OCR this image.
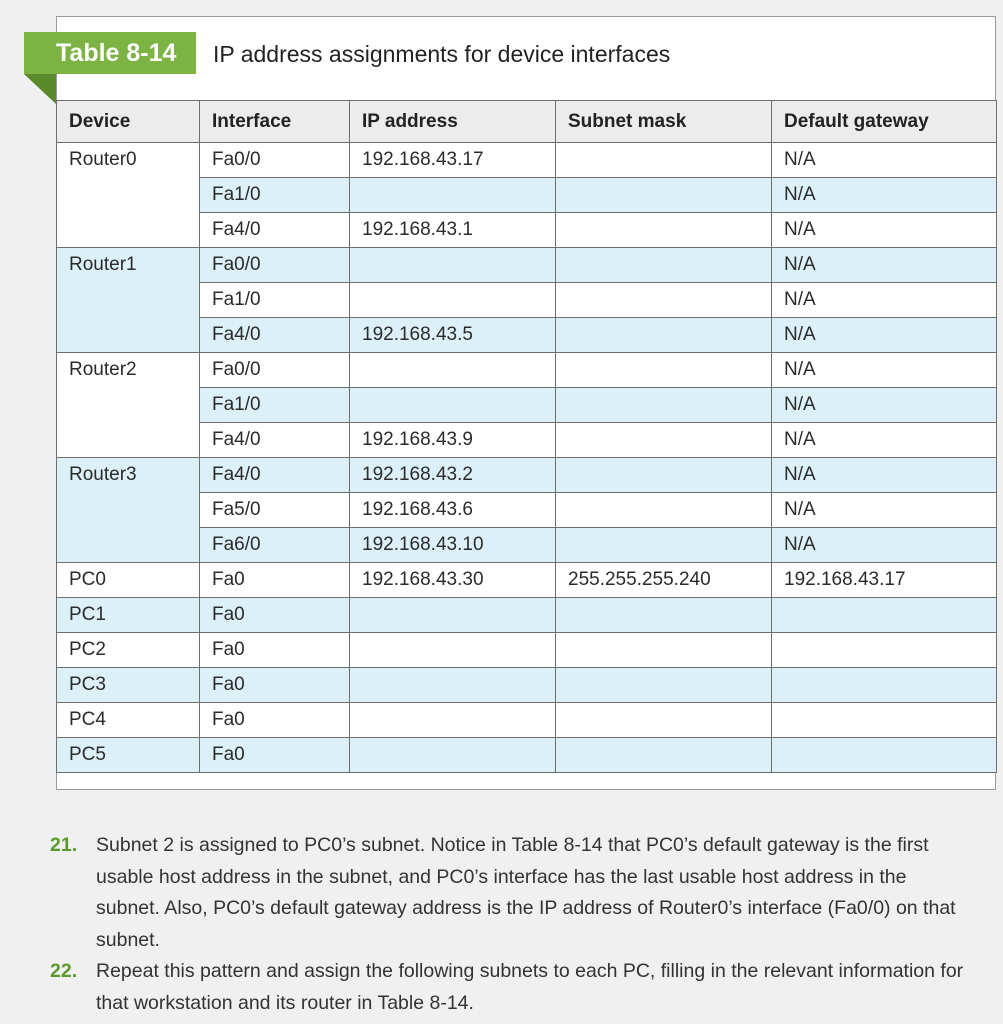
Table 8-14	IP address assignments for device interfaces
Device	Interface	IP address	Subnet mask	Default gateway
Router0	Fa0/0	192.168.43.17		N/A
	Fa1/0			N/A
	Fa4/0	192.168.43.1		N/A
Router1	Fa0/0			N/A
	Fa1/0			N/A
	Fa4/0	192.168.43.5		N/A
Router2	Fa0/0			N/A
	Fa1/0			N/A
	Fa4/0	192.168.43.9		N/A
Router3	Fa4/0	192.168.43.2		N/A
	Fa5/0	192.168.43.6		N/A
	Fa6/0	192.168.43.10		N/A
PC0	Fa0	192.168.43.30	255.255.255.240	192.168.43.17
PC1	Fa0			
PC2	Fa0			
PC3	Fa0			
PC4	Fa0			
PC5	Fa0			
21. Subnet 2 is assigned to PC0’s subnet. Notice in Table 8-14 that PC0’s default gateway is the first usable host address in the subnet, and PC0’s interface has the last usable host address in the subnet. Also, PC0’s default gateway address is the IP address of Router0’s interface (Fa0/0) on that subnet.
22. Repeat this pattern and assign the following subnets to each PC, filling in the relevant information for that workstation and its router in Table 8-14.
